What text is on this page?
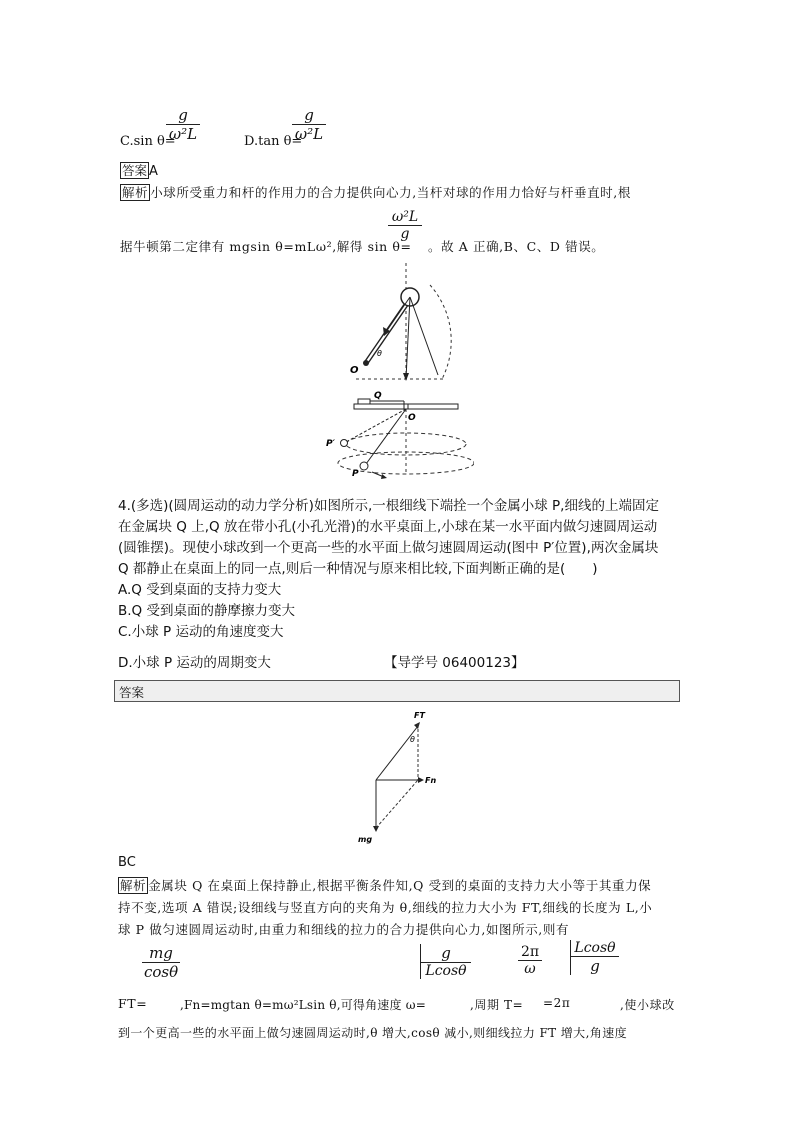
C.sin θ=
g
ω²L	D.tan θ=
g
ω²L
答案 A
解析 小球所受重力和杆的作用力的合力提供向心力,当杆对球的作用力恰好与杆垂直时,根
据牛顿第二定律有 mgsin θ=mLω²,解得 sin θ=
ω²L
g
。故 A 正确,B、C、D 错误。
O
θ
Q
O
P′
P
4.(多选)(圆周运动的动力学分析)如图所示,一根细线下端拴一个金属小球 P,细线的上端固定
在金属块 Q 上,Q 放在带小孔(小孔光滑)的水平桌面上,小球在某一水平面内做匀速圆周运动
(圆锥摆)。现使小球改到一个更高一些的水平面上做匀速圆周运动(图中 P′位置),两次金属块
Q 都静止在桌面上的同一点,则后一种情况与原来相比较,下面判断正确的是(　　)
A.Q 受到桌面的支持力变大
B.Q 受到桌面的静摩擦力变大
C.小球 P 运动的角速度变大
D.小球 P 运动的周期变大	【导学号 06400123】
答案
FT
θ
Fn
mg
BC
解析 金属块 Q 在桌面上保持静止,根据平衡条件知,Q 受到的桌面的支持力大小等于其重力保
持不变,选项 A 错误;设细线与竖直方向的夹角为 θ,细线的拉力大小为 FT,细线的长度为 L,小
球 P 做匀速圆周运动时,由重力和细线的拉力的合力提供向心力,如图所示,则有
FT=
mg
cosθ
,Fn=mgtan θ=mω²Lsin θ,可得角速度 ω=
g
Lcosθ
,周期 T=
2π
ω
=2π
Lcosθ
g
,使小球改
到一个更高一些的水平面上做匀速圆周运动时,θ 增大,cosθ 减小,则细线拉力 FT 增大,角速度
